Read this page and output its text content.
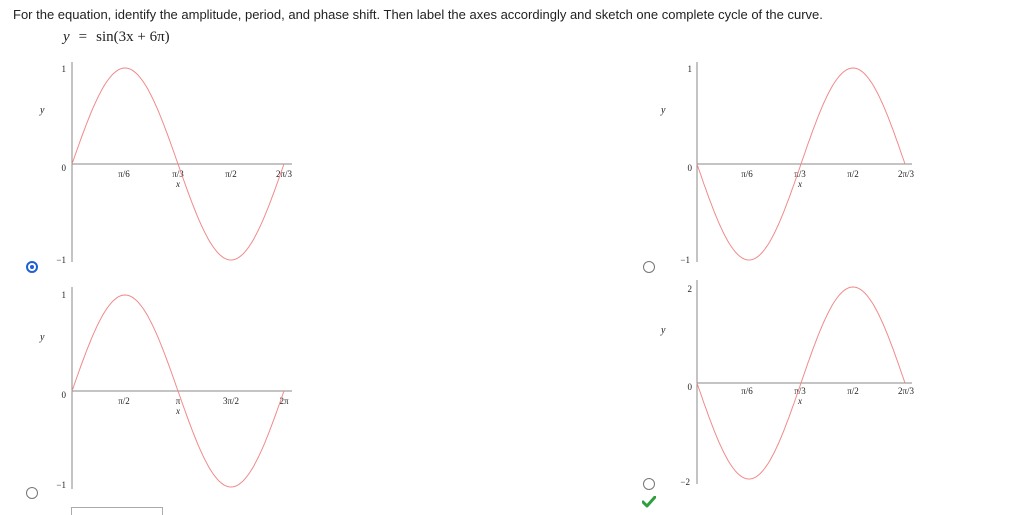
For the equation, identify the amplitude, period, and phase shift. Then label the axes accordingly and sketch one complete cycle of the curve.
y = sin(3x + 6π)
y
1
0
−1
π/6	π/3	π/2	2π/3
x
y
1
0
−1
π/6	π/3	π/2	2π/3
x
y
1
0
−1
π/2	π	3π/2	2π
x
y
2
0
−2
π/6	π/3	π/2	2π/3
x
